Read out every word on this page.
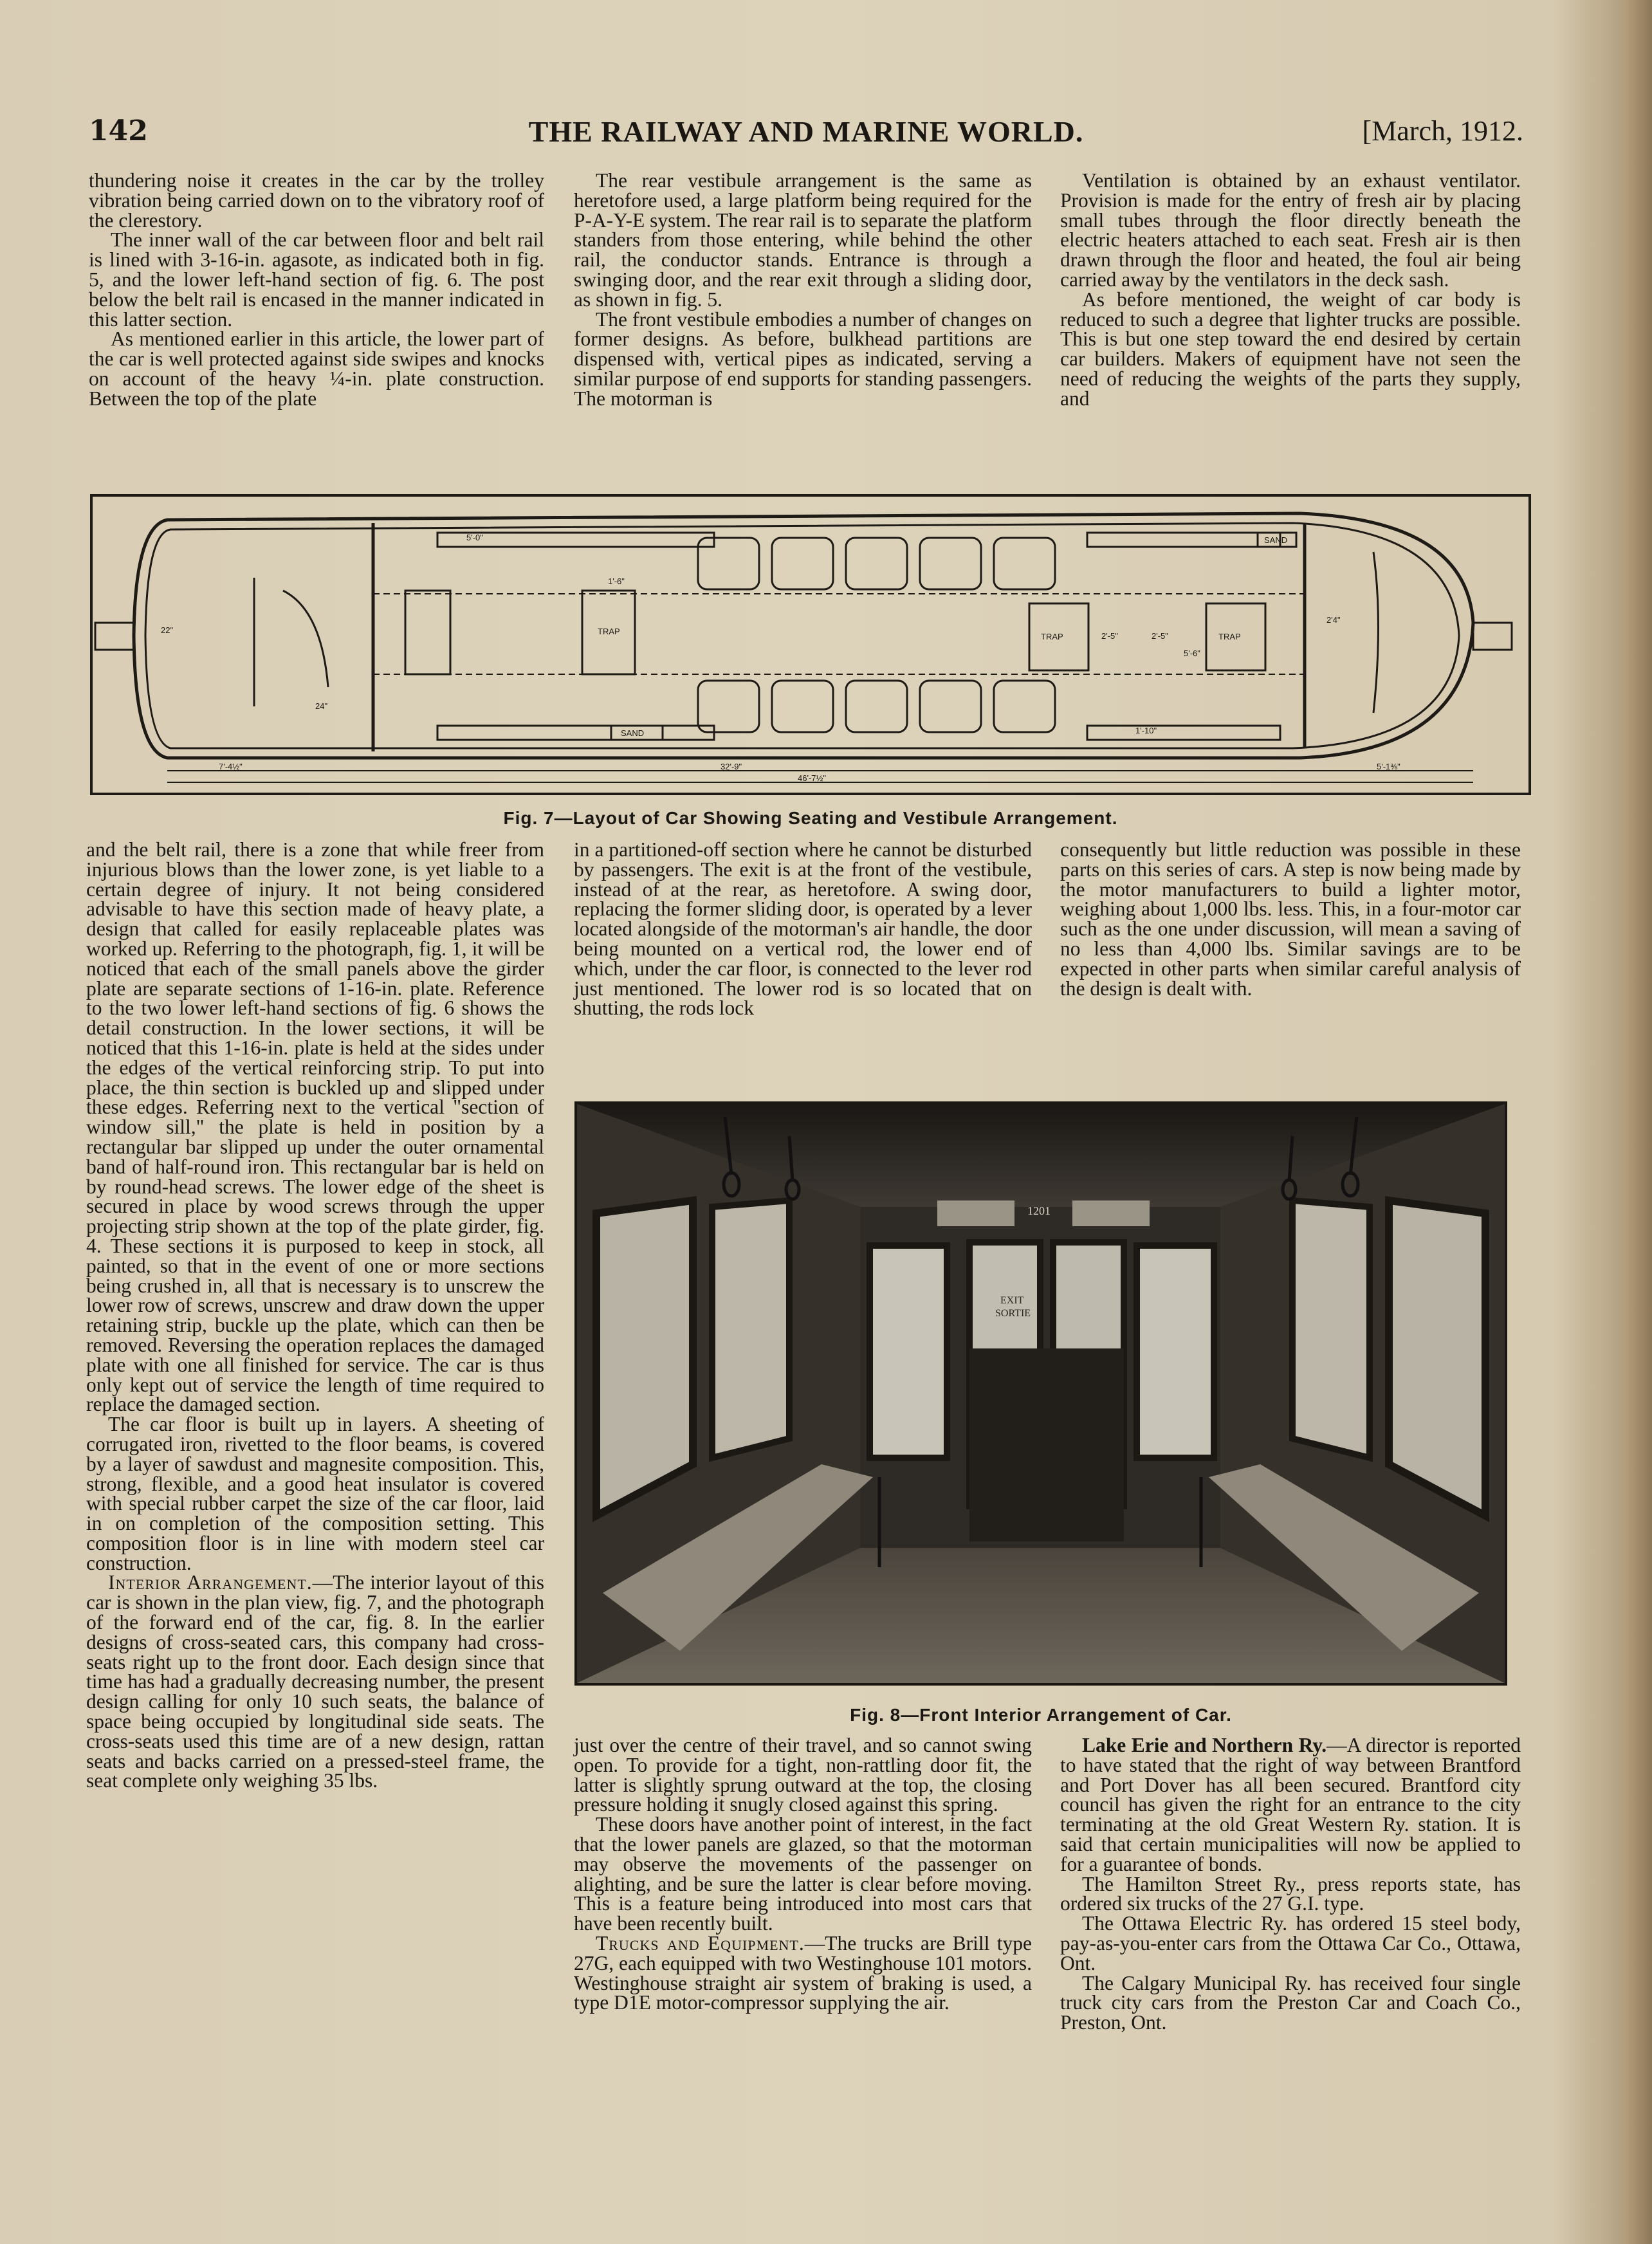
142	THE RAILWAY AND MARINE WORLD.	[March, 1912.

thundering noise it creates in the car by the trolley vibration being carried down on to the vibratory roof of the clerestory.

The inner wall of the car between floor and belt rail is lined with 3-16-in. agasote, as indicated both in fig. 5, and the lower left-hand section of fig. 6. The post below the belt rail is encased in the manner indicated in this latter section.

As mentioned earlier in this article, the lower part of the car is well protected against side swipes and knocks on account of the heavy ¼-in. plate construction. Between the top of the plate

The rear vestibule arrangement is the same as heretofore used, a large platform being required for the P-A-Y-E system. The rear rail is to separate the platform standers from those entering, while behind the other rail, the conductor stands. Entrance is through a swinging door, and the rear exit through a sliding door, as shown in fig. 5.

The front vestibule embodies a number of changes on former designs. As before, bulkhead partitions are dispensed with, vertical pipes as indicated, serving a similar purpose of end supports for standing passengers. The motorman is

Ventilation is obtained by an exhaust ventilator. Provision is made for the entry of fresh air by placing small tubes through the floor directly beneath the electric heaters attached to each seat. Fresh air is then drawn through the floor and heated, the foul air being carried away by the ventilators in the deck sash.

As before mentioned, the weight of car body is reduced to such a degree that lighter trucks are possible. This is but one step toward the end desired by certain car builders. Makers of equipment have not seen the need of reducing the weights of the parts they supply, and

TRAP
TRAP	TRAP
SAND
SAND
5'-0"
1'-6"
2'-5"	2'-5"
5'-6"
2'4"
1'-10"
7'-4½"	32'-9"
46'-7½"
5'-1⅜"
22"
24"
Fig. 7—Layout of Car Showing Seating and Vestibule Arrangement.

and the belt rail, there is a zone that while freer from injurious blows than the lower zone, is yet liable to a certain degree of injury. It not being considered advisable to have this section made of heavy plate, a design that called for easily replaceable plates was worked up. Referring to the photograph, fig. 1, it will be noticed that each of the small panels above the girder plate are separate sections of 1-16-in. plate. Reference to the two lower left-hand sections of fig. 6 shows the detail construction. In the lower sections, it will be noticed that this 1-16-in. plate is held at the sides under the edges of the vertical reinforcing strip. To put into place, the thin section is buckled up and slipped under these edges. Referring next to the vertical "section of window sill," the plate is held in position by a rectangular bar slipped up under the outer ornamental band of half-round iron. This rectangular bar is held on by round-head screws. The lower edge of the sheet is secured in place by wood screws through the upper projecting strip shown at the top of the plate girder, fig. 4. These sections it is purposed to keep in stock, all painted, so that in the event of one or more sections being crushed in, all that is necessary is to unscrew the lower row of screws, unscrew and draw down the upper retaining strip, buckle up the plate, which can then be removed. Reversing the operation replaces the damaged plate with one all finished for service. The car is thus only kept out of service the length of time required to replace the damaged section.

The car floor is built up in layers. A sheeting of corrugated iron, rivetted to the floor beams, is covered by a layer of sawdust and magnesite composition. This, strong, flexible, and a good heat insulator is covered with special rubber carpet the size of the car floor, laid in on completion of the composition setting. This composition floor is in line with modern steel car construction.

Interior Arrangement.—The interior layout of this car is shown in the plan view, fig. 7, and the photograph of the forward end of the car, fig. 8. In the earlier designs of cross-seated cars, this company had cross-seats right up to the front door. Each design since that time has had a gradually decreasing number, the present design calling for only 10 such seats, the balance of space being occupied by longitudinal side seats. The cross-seats used this time are of a new design, rattan seats and backs carried on a pressed-steel frame, the seat complete only weighing 35 lbs.

in a partitioned-off section where he cannot be disturbed by passengers. The exit is at the front of the vestibule, instead of at the rear, as heretofore. A swing door, replacing the former sliding door, is operated by a lever located alongside of the motorman's air handle, the door being mounted on a vertical rod, the lower end of which, under the car floor, is connected to the lever rod just mentioned. The lower rod is so located that on shutting, the rods lock

consequently but little reduction was possible in these parts on this series of cars. A step is now being made by the motor manufacturers to build a lighter motor, weighing about 1,000 lbs. less. This, in a four-motor car such as the one under discussion, will mean a saving of no less than 4,000 lbs. Similar savings are to be expected in other parts when similar careful analysis of the design is dealt with.

1201
EXIT
SORTIE
Fig. 8—Front Interior Arrangement of Car.

just over the centre of their travel, and so cannot swing open. To provide for a tight, non-rattling door fit, the latter is slightly sprung outward at the top, the closing pressure holding it snugly closed against this spring.

These doors have another point of interest, in the fact that the lower panels are glazed, so that the motorman may observe the movements of the passenger on alighting, and be sure the latter is clear before moving. This is a feature being introduced into most cars that have been recently built.

Trucks and Equipment.—The trucks are Brill type 27G, each equipped with two Westinghouse 101 motors. Westinghouse straight air system of braking is used, a type D1E motor-compressor supplying the air.

Lake Erie and Northern Ry.—A director is reported to have stated that the right of way between Brantford and Port Dover has all been secured. Brantford city council has given the right for an entrance to the city terminating at the old Great Western Ry. station. It is said that certain municipalities will now be applied to for a guarantee of bonds.

The Hamilton Street Ry., press reports state, has ordered six trucks of the 27 G.I. type.

The Ottawa Electric Ry. has ordered 15 steel body, pay-as-you-enter cars from the Ottawa Car Co., Ottawa, Ont.

The Calgary Municipal Ry. has received four single truck city cars from the Preston Car and Coach Co., Preston, Ont.
